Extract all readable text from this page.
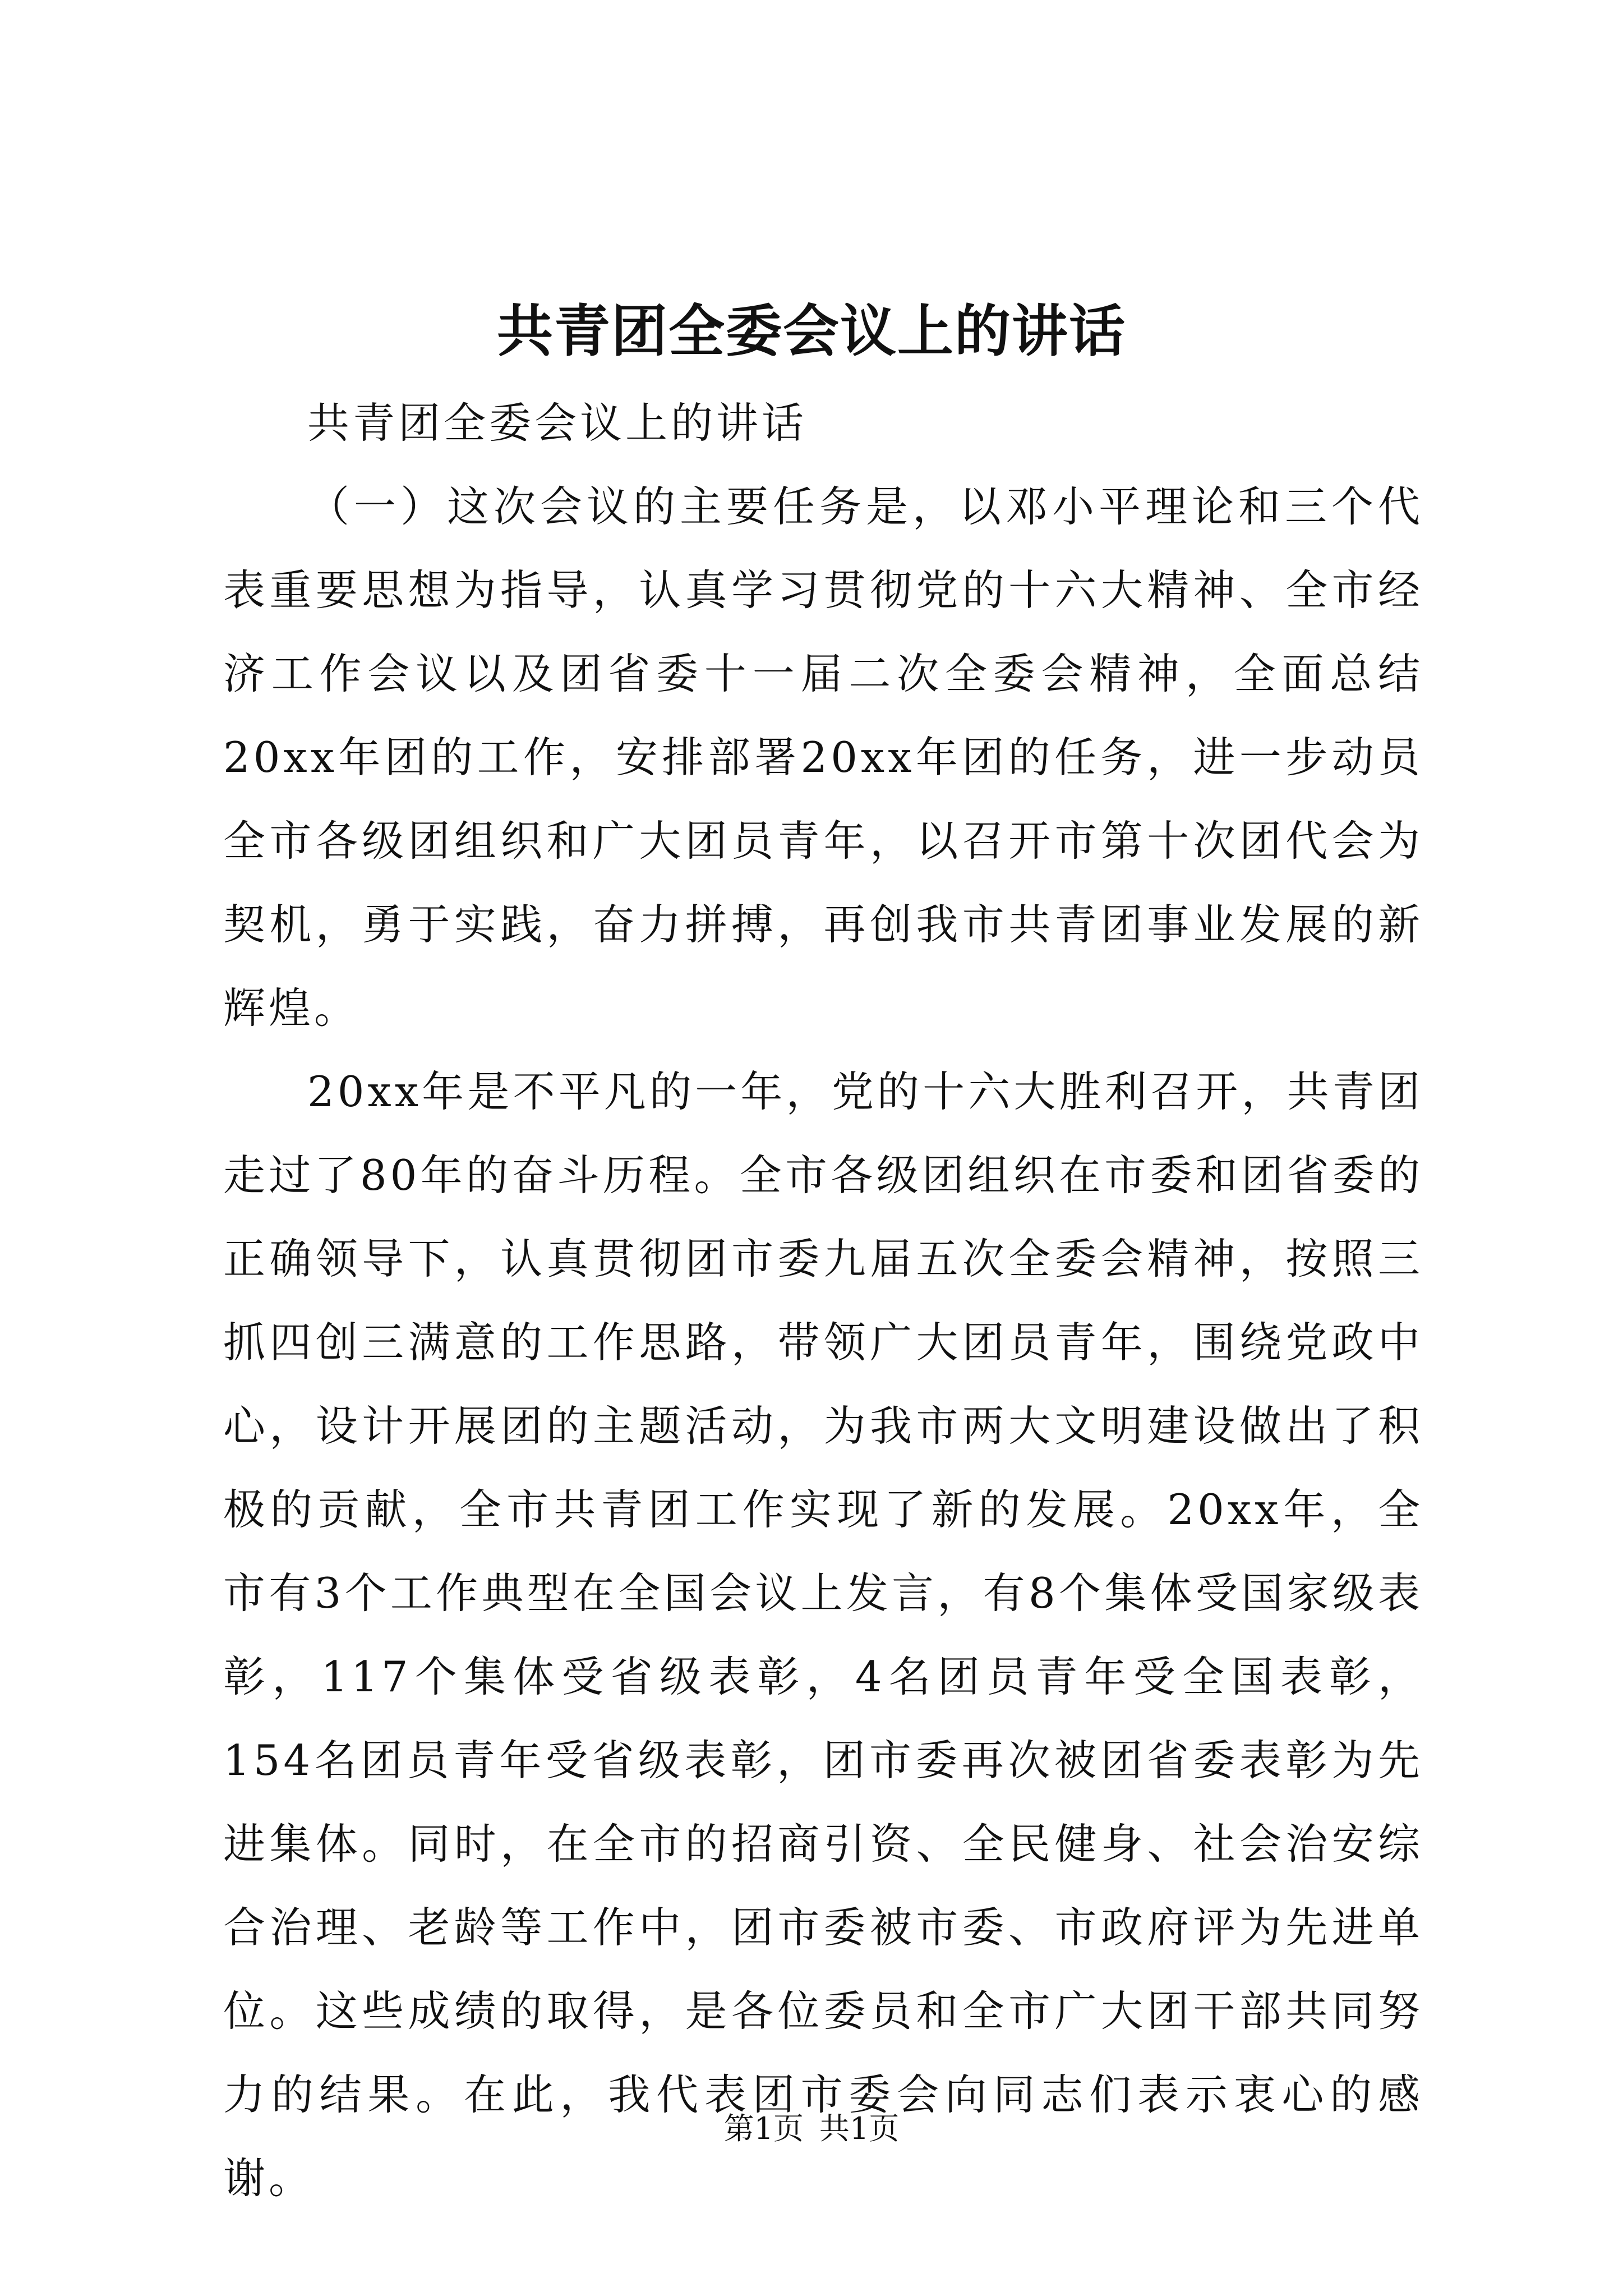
共青团全委会议上的讲话

共青团全委会议上的讲话

（一）这次会议的主要任务是，以邓小平理论和三个代表重要思想为指导，认真学习贯彻党的十六大精神、全市经济工作会议以及团省委十一届二次全委会精神，全面总结20xx年团的工作，安排部署20xx年团的任务，进一步动员全市各级团组织和广大团员青年，以召开市第十次团代会为契机，勇于实践，奋力拼搏，再创我市共青团事业发展的新辉煌。

20xx年是不平凡的一年，党的十六大胜利召开，共青团走过了80年的奋斗历程。全市各级团组织在市委和团省委的正确领导下，认真贯彻团市委九届五次全委会精神，按照三抓四创三满意的工作思路，带领广大团员青年，围绕党政中心，设计开展团的主题活动，为我市两大文明建设做出了积极的贡献，全市共青团工作实现了新的发展。20xx年，全市有3个工作典型在全国会议上发言，有8个集体受国家级表彰，117个集体受省级表彰，4名团员青年受全国表彰，154名团员青年受省级表彰，团市委再次被团省委表彰为先进集体。同时，在全市的招商引资、全民健身、社会治安综合治理、老龄等工作中，团市委被市委、市政府评为先进单位。这些成绩的取得，是各位委员和全市广大团干部共同努力的结果。在此，我代表团市委会向同志们表示衷心的感谢。

第1页 共1页
